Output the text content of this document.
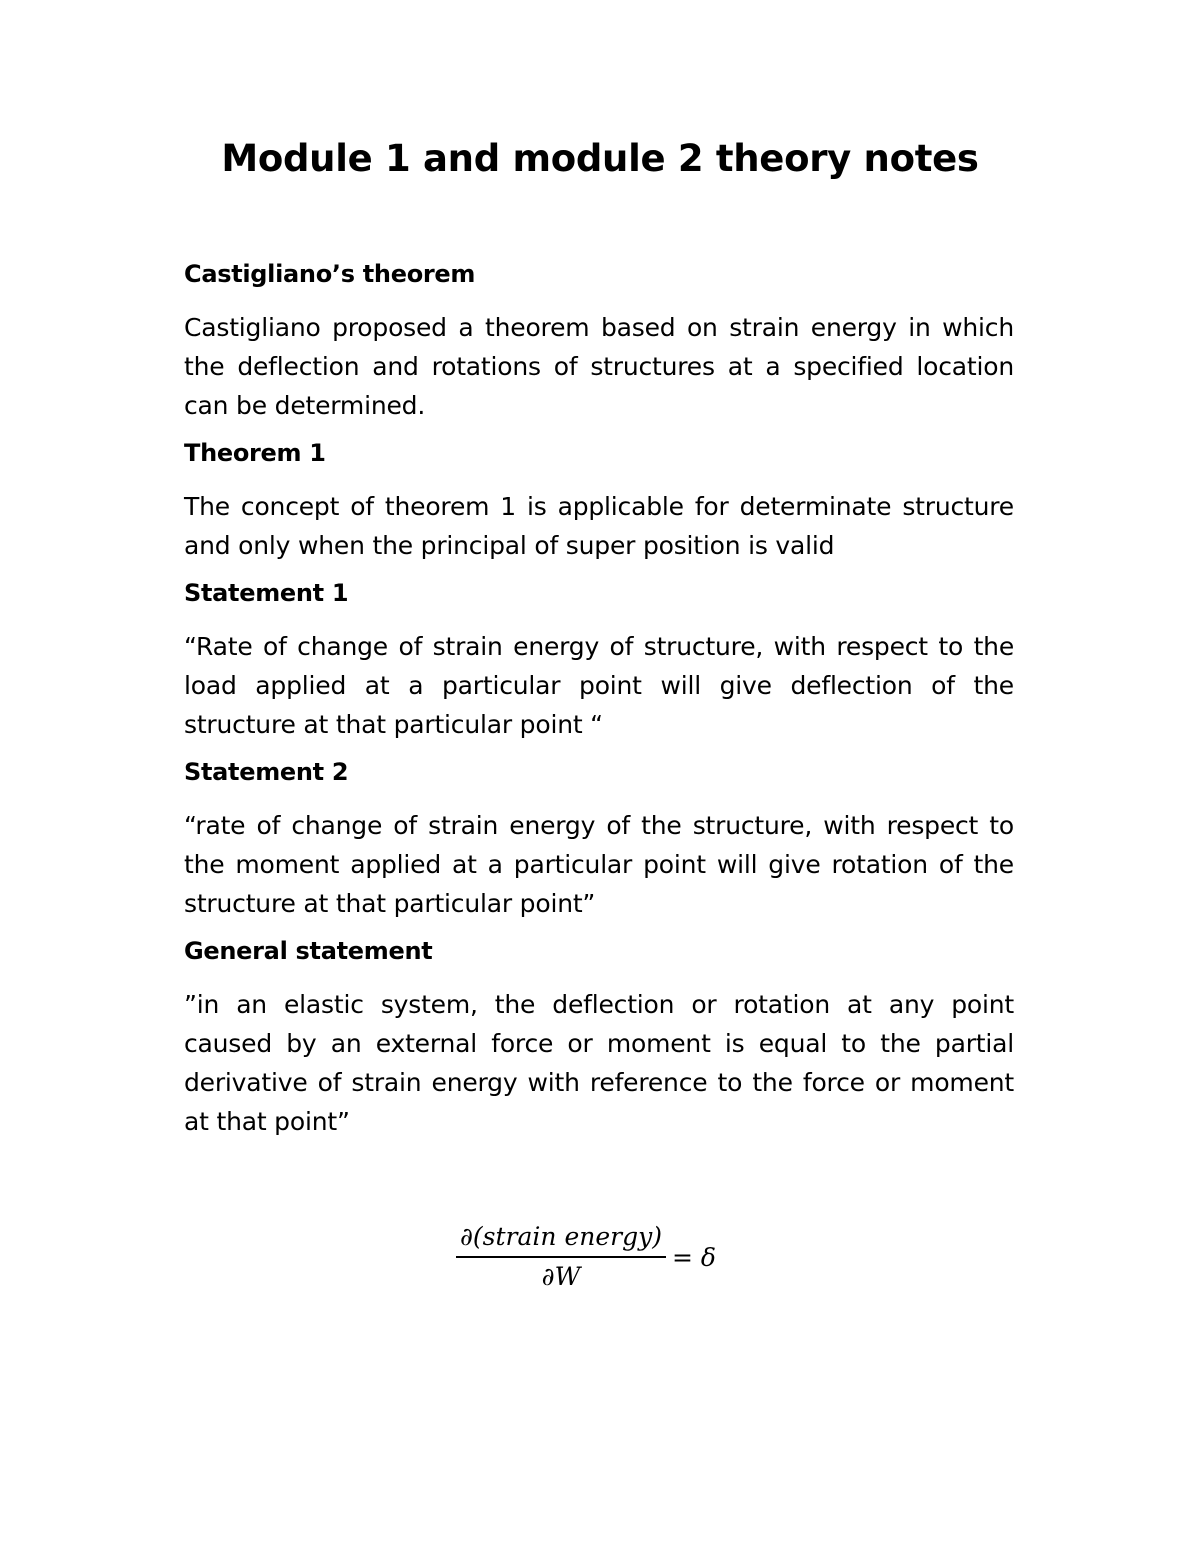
Module 1 and module 2 theory notes
Castigliano’s theorem

Castigliano proposed a theorem based on strain energy in which the deflection and rotations of structures at a specified location can be determined.

Theorem 1

The concept of theorem 1 is applicable for determinate structure and only when the principal of super position is valid

Statement 1

“Rate of change of strain energy of structure, with respect to the load applied at a particular point will give deflection of the structure at that particular point “

Statement 2

“rate of change of strain energy of the structure, with respect to the moment applied at a particular point will give rotation of the structure at that particular point”

General statement

”in an elastic system, the deflection or rotation at any point caused by an external force or moment is equal to the partial derivative of strain energy with reference to the force or moment at that point”

$\frac{\text{∂(strain energy)}}{\partial W} = \delta$
